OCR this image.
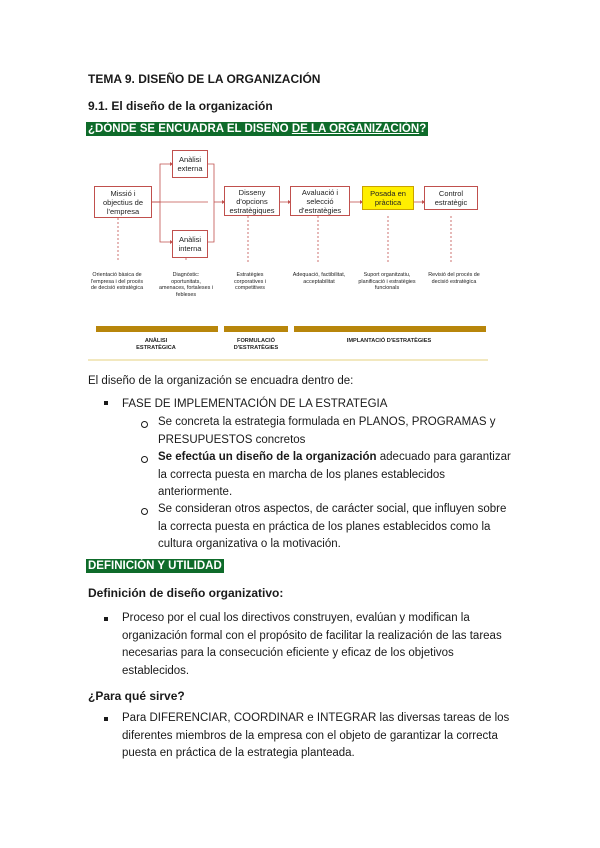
TEMA 9. DISEÑO DE LA ORGANIZACIÓN
9.1. El diseño de la organización
¿DÓNDE SE ENCUADRA EL DISEÑO DE LA ORGANIZACIÓN?
Missió i objectius de l'empresa
Anàlisi externa
Anàlisi interna
Disseny d'opcions estratègiques
Avaluació i selecció d'estratègies
Posada en pràctica
Control estratègic
Orientació bàsica de l'empresa i del procés de decisió estratègica
Diagnòstic: oportunitats, amenaces, fortaleses i febleses
Estratègies corporatives i competitives
Adequació, factibilitat, acceptabilitat
Suport organitzatiu, planificació i estratègies funcionals
Revisió del procés de decisió estratègica
ANÀLISI ESTRATÈGICA
FORMULACIÓ D'ESTRATÈGIES
IMPLANTACIÓ D'ESTRATÈGIES
El diseño de la organización se encuadra dentro de:
FASE DE IMPLEMENTACIÓN DE LA ESTRATEGIA
Se concreta la estrategia formulada en PLANOS, PROGRAMAS y PRESUPUESTOS concretos
Se efectúa un diseño de la organización adecuado para garantizar la correcta puesta en marcha de los planes establecidos anteriormente.
Se consideran otros aspectos, de carácter social, que influyen sobre la correcta puesta en práctica de los planes establecidos como la cultura organizativa o la motivación.
DEFINICIÓN Y UTILIDAD
Definición de diseño organizativo:
Proceso por el cual los directivos construyen, evalúan y modifican la organización formal con el propósito de facilitar la realización de las tareas necesarias para la consecución eficiente y eficaz de los objetivos establecidos.
¿Para qué sirve?
Para DIFERENCIAR, COORDINAR e INTEGRAR las diversas tareas de los diferentes miembros de la empresa con el objeto de garantizar la correcta puesta en práctica de la estrategia planteada.
